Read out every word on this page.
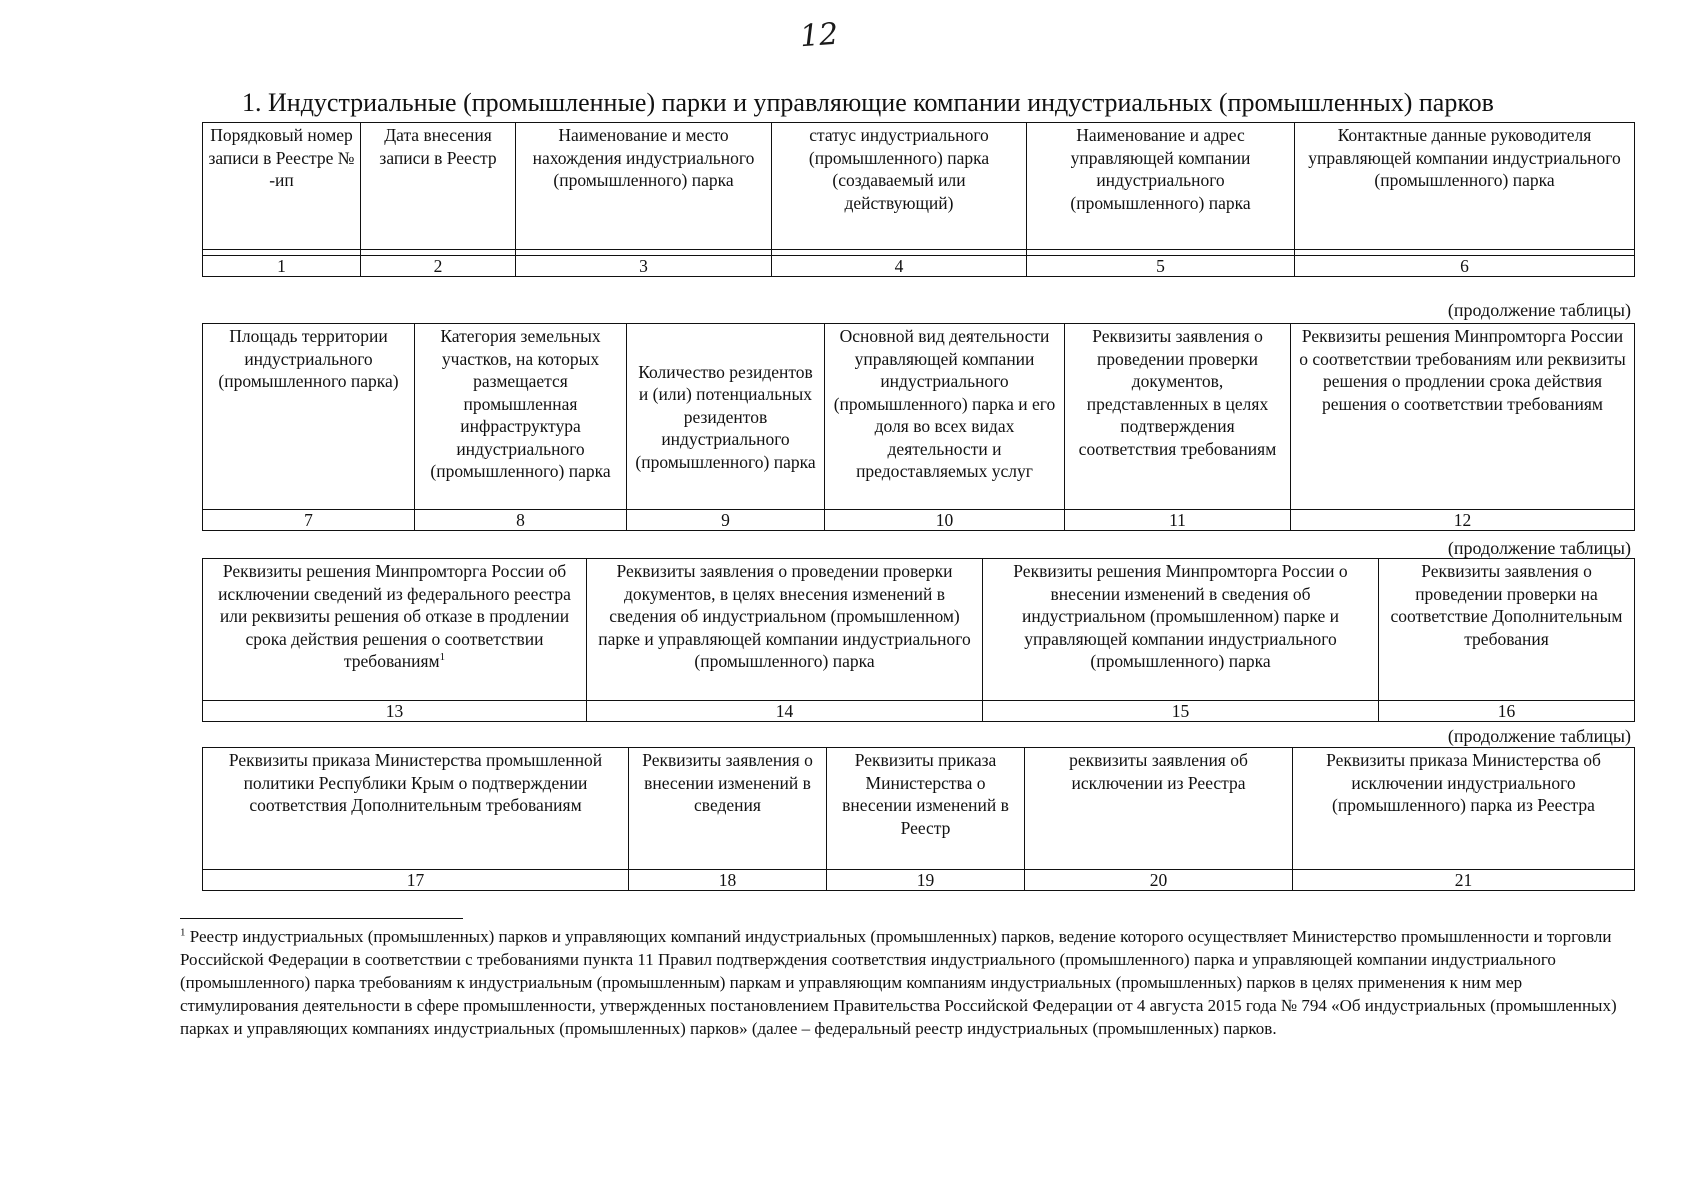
12
1. Индустриальные (промышленные) парки и управляющие компании индустриальных (промышленных) парков
Порядковый номер записи в Реестре № -ип	Дата внесения записи в Реестр	Наименование и место нахождения индустриального (промышленного) парка	статус индустриального (промышленного) парка (создаваемый или действующий)	Наименование и адрес управляющей компании индустриального (промышленного) парка	Контактные данные руководителя управляющей компании индустриального (промышленного) парка

1	2	3	4	5	6
(продолжение таблицы)
Площадь территории индустриального (промышленного парка)	Категория земельных участков, на которых размещается промышленная инфраструктура индустриального (промышленного) парка	Количество резидентов и (или) потенциальных резидентов индустриального (промышленного) парка	Основной вид деятельности управляющей компании индустриального (промышленного) парка и его доля во всех видах деятельности и предоставляемых услуг	Реквизиты заявления о проведении проверки документов, представленных в целях подтверждения соответствия требованиям	Реквизиты решения Минпромторга России о соответствии требованиям или реквизиты решения о продлении срока действия решения о соответствии требованиям
7	8	9	10	11	12
(продолжение таблицы)
Реквизиты решения Минпромторга России об исключении сведений из федерального реестра или реквизиты решения об отказе в продлении срока действия решения о соответствии требованиям$^1$	Реквизиты заявления о проведении проверки документов, в целях внесения изменений в сведения об индустриальном (промышленном) парке и управляющей компании индустриального (промышленного) парка	Реквизиты решения Минпромторга России о внесении изменений в сведения об индустриальном (промышленном) парке и управляющей компании индустриального (промышленного) парка	Реквизиты заявления о проведении проверки на соответствие Дополнительным требования
13	14	15	16
(продолжение таблицы)
Реквизиты приказа Министерства промышленной политики Республики Крым о подтверждении соответствия Дополнительным требованиям	Реквизиты заявления о внесении изменений в сведения	Реквизиты приказа Министерства о внесении изменений в Реестр	реквизиты заявления об исключении из Реестра	Реквизиты приказа Министерства об исключении индустриального (промышленного) парка из Реестра
17	18	19	20	21
$^1$ Реестр индустриальных (промышленных) парков и управляющих компаний индустриальных (промышленных) парков, ведение которого осуществляет Министерство промышленности и торговли Российской Федерации в соответствии с требованиями пункта 11 Правил подтверждения соответствия индустриального (промышленного) парка и управляющей компании индустриального (промышленного) парка требованиям к индустриальным (промышленным) паркам и управляющим компаниям индустриальных (промышленных) парков в целях применения к ним мер стимулирования деятельности в сфере промышленности, утвержденных постановлением Правительства Российской Федерации от 4 августа 2015 года № 794 «Об индустриальных (промышленных) парках и управляющих компаниях индустриальных (промышленных) парков» (далее – федеральный реестр индустриальных (промышленных) парков.
